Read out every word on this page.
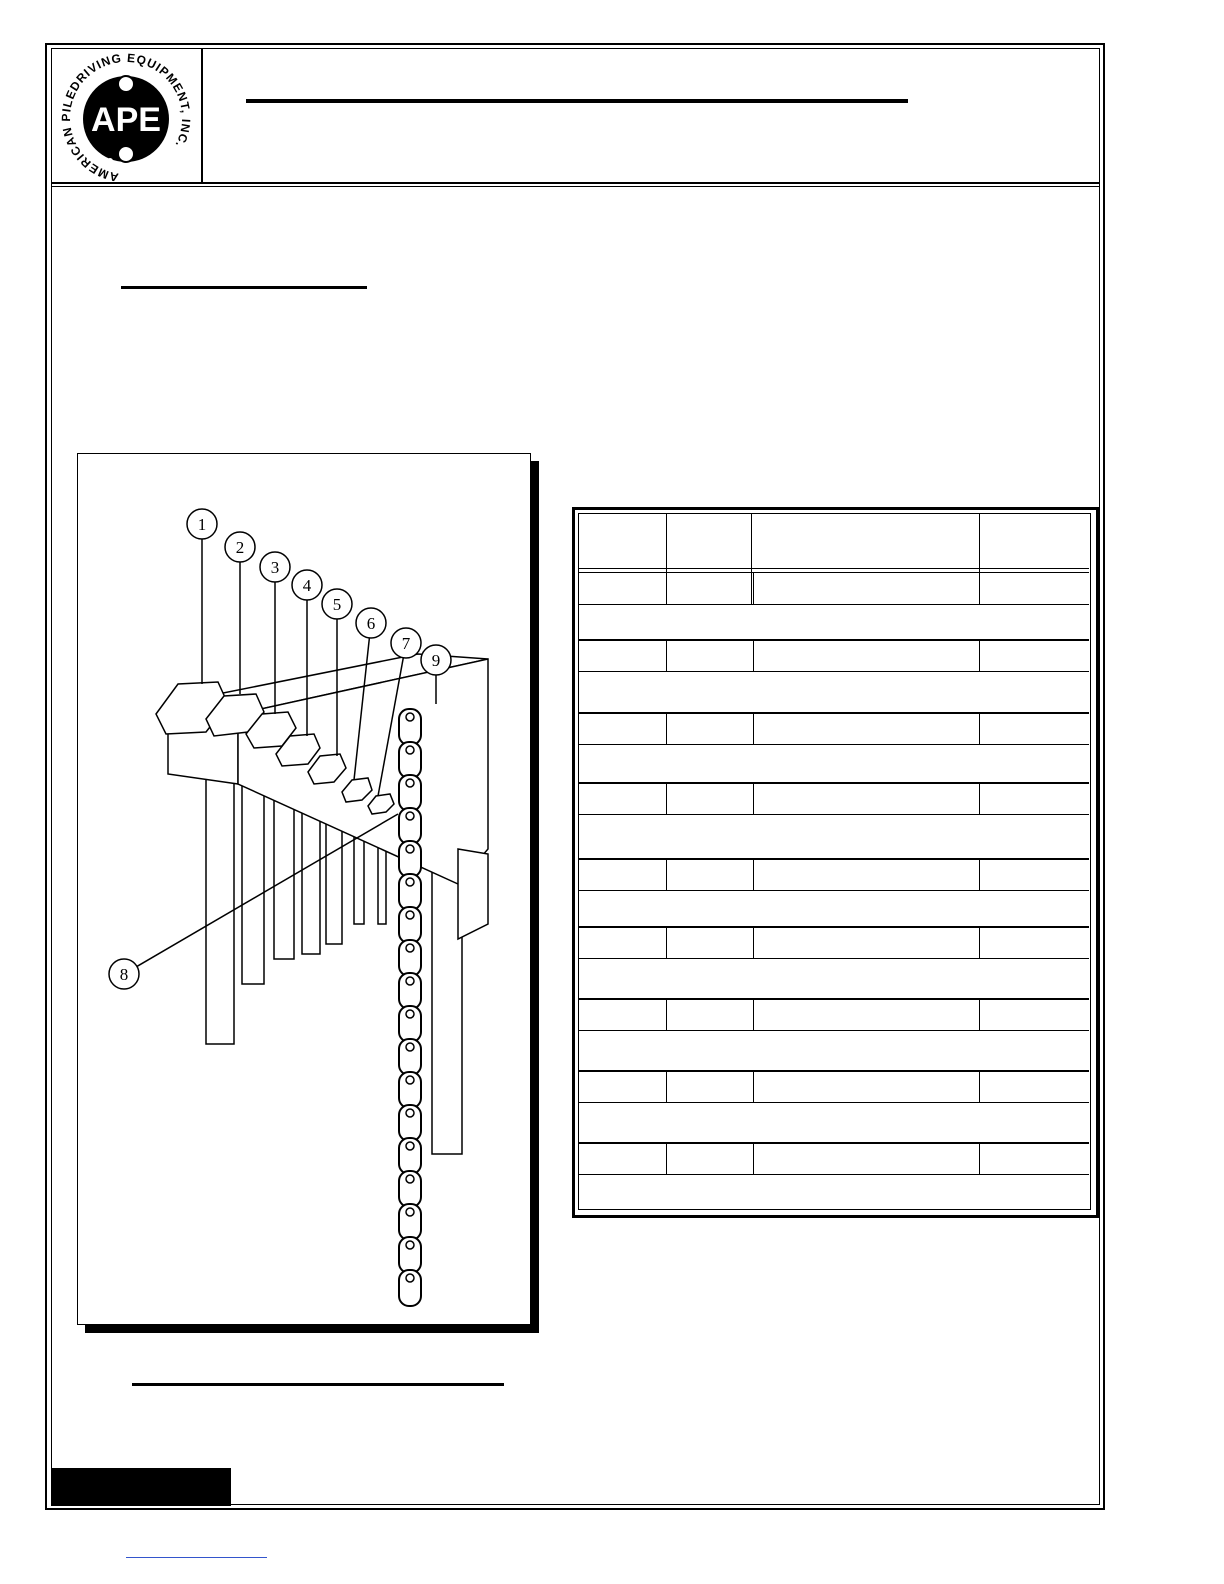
AMERICAN PILEDRIVING EQUIPMENT, INC.
APE
1
2
3
4
5
6
7
8
9
